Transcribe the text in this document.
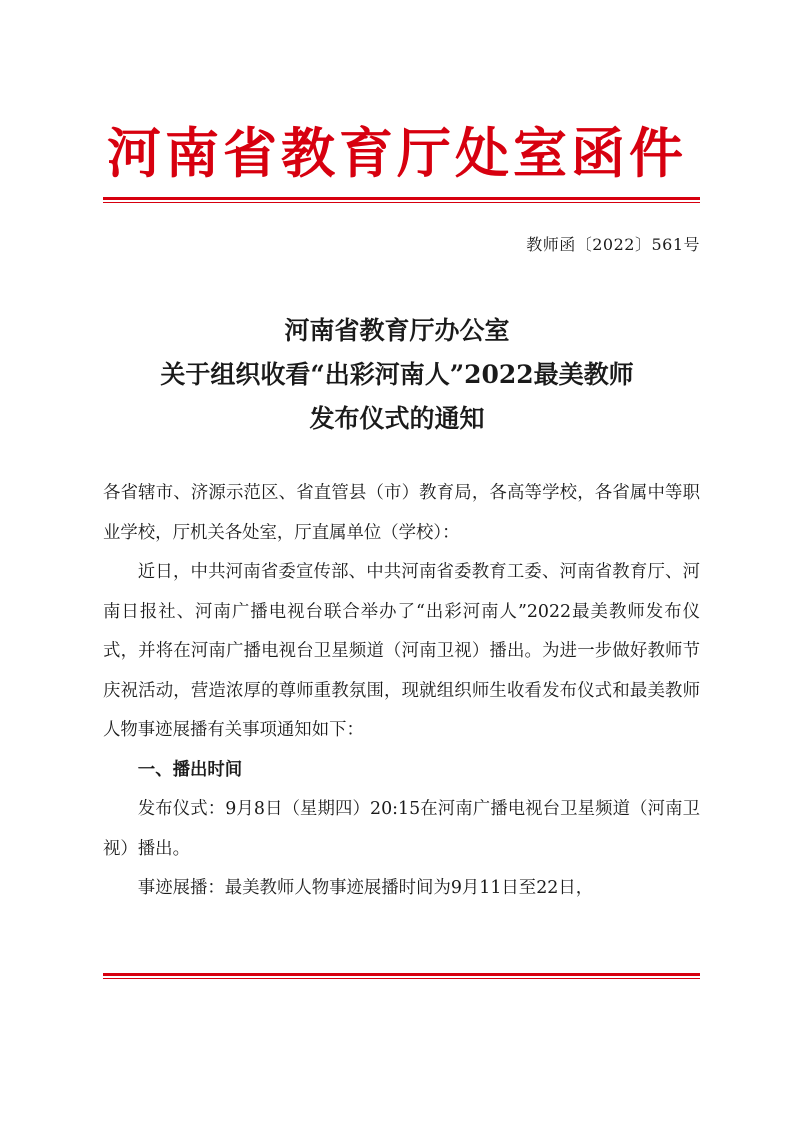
河南省教育厅处室函件
教师函〔2022〕561号
河南省教育厅办公室
关于组织收看“出彩河南人”2022最美教师
发布仪式的通知

各省辖市、济源示范区、省直管县（市）教育局，各高等学校，各省属中等职业学校，厅机关各处室，厅直属单位（学校）：

近日，中共河南省委宣传部、中共河南省委教育工委、河南省教育厅、河南日报社、河南广播电视台联合举办了“出彩河南人”2022最美教师发布仪式，并将在河南广播电视台卫星频道（河南卫视）播出。为进一步做好教师节庆祝活动，营造浓厚的尊师重教氛围，现就组织师生收看发布仪式和最美教师人物事迹展播有关事项通知如下：

一、播出时间

发布仪式：9月8日（星期四）20:15在河南广播电视台卫星频道（河南卫视）播出。

事迹展播：最美教师人物事迹展播时间为9月11日至22日，
